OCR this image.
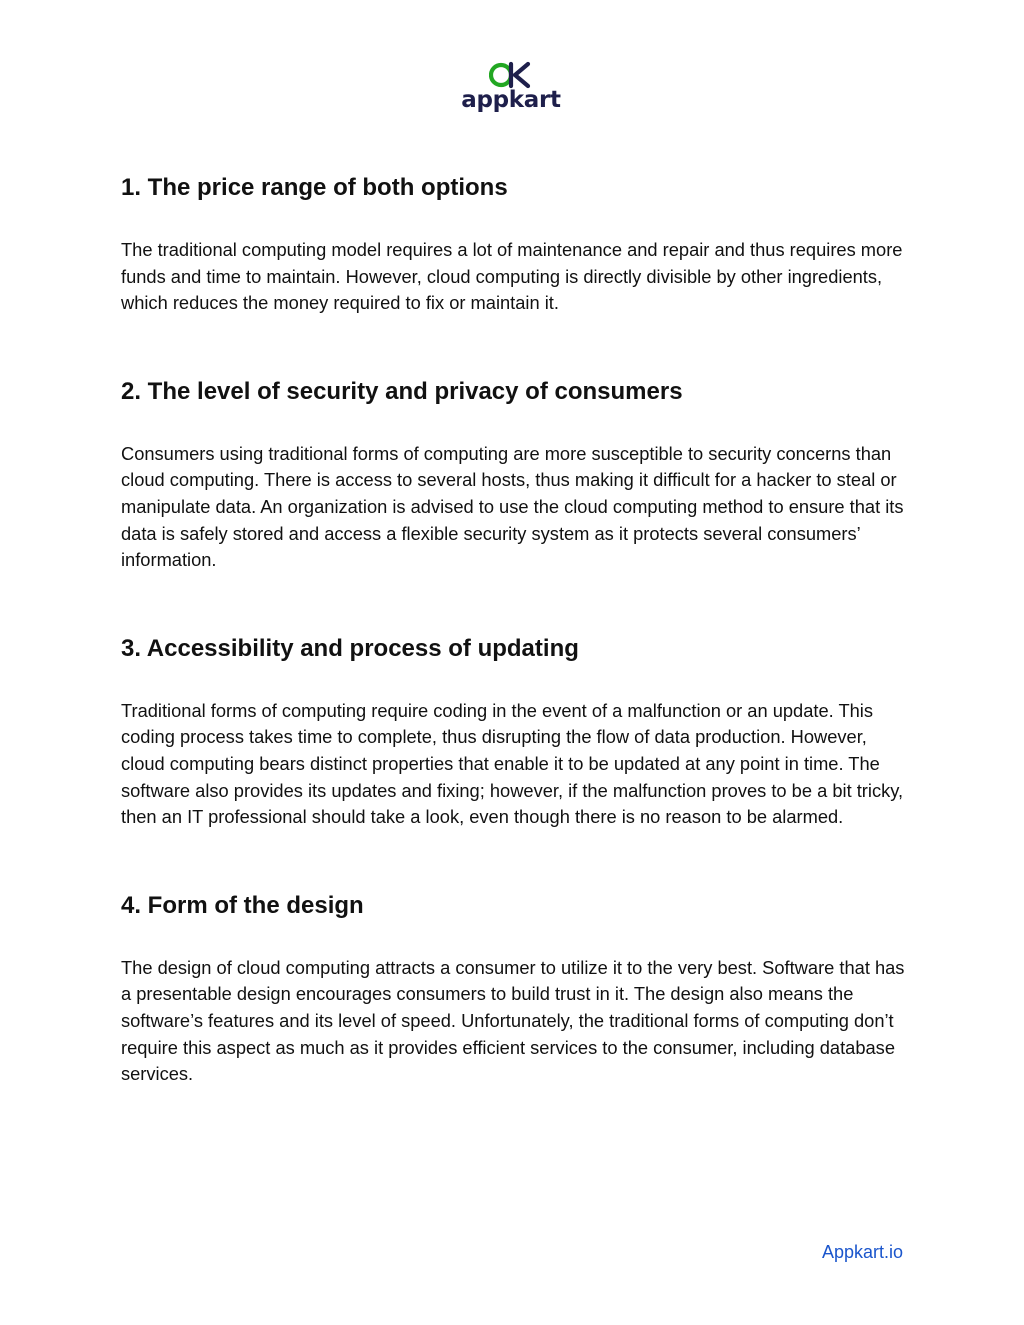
appkart
1. The price range of both options

The traditional computing model requires a lot of maintenance and repair and thus requires more funds and time to maintain. However, cloud computing is directly divisible by other ingredients, which reduces the money required to fix or maintain it.

2. The level of security and privacy of consumers

Consumers using traditional forms of computing are more susceptible to security concerns than cloud computing. There is access to several hosts, thus making it difficult for a hacker to steal or manipulate data. An organization is advised to use the cloud computing method to ensure that its data is safely stored and access a flexible security system as it protects several consumers’ information.

3. Accessibility and process of updating

Traditional forms of computing require coding in the event of a malfunction or an update. This coding process takes time to complete, thus disrupting the flow of data production. However, cloud computing bears distinct properties that enable it to be updated at any point in time. The software also provides its updates and fixing; however, if the malfunction proves to be a bit tricky, then an IT professional should take a look, even though there is no reason to be alarmed.

4. Form of the design

The design of cloud computing attracts a consumer to utilize it to the very best. Software that has a presentable design encourages consumers to build trust in it. The design also means the software’s features and its level of speed. Unfortunately, the traditional forms of computing don’t require this aspect as much as it provides efficient services to the consumer, including database services.

Appkart.io
